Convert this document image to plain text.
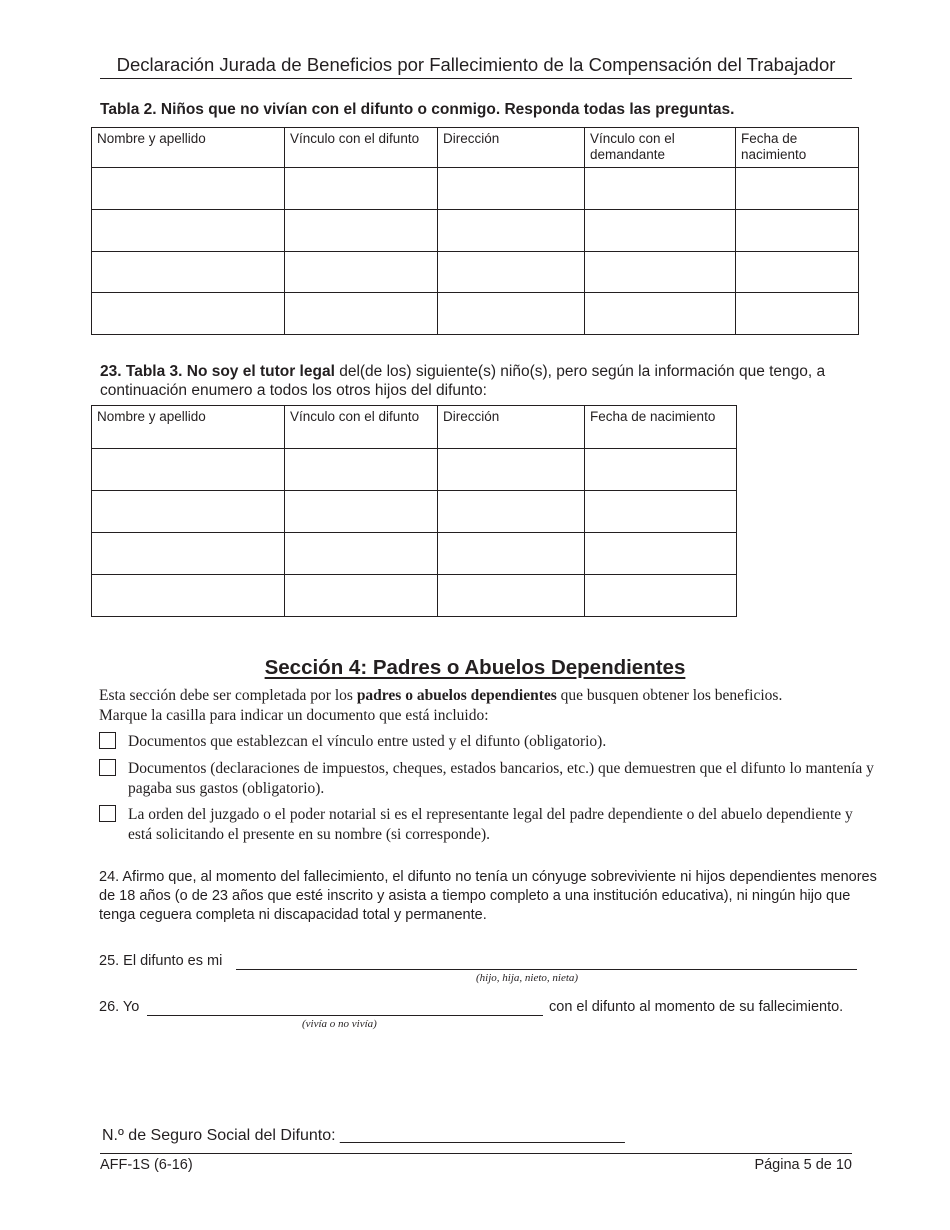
Declaración Jurada de Beneficios por Fallecimiento de la Compensación del Trabajador
Tabla 2. Niños que no vivían con el difunto o conmigo. Responda todas las preguntas.
Nombre y apellido	Vínculo con el difunto	Dirección	Vínculo con el demandante	Fecha de nacimiento

23. Tabla 3. No soy el tutor legal del(de los) siguiente(s) niño(s), pero según la información que tengo, a continuación enumero a todos los otros hijos del difunto:
Nombre y apellido	Vínculo con el difunto	Dirección	Fecha de nacimiento

Sección 4: Padres o Abuelos Dependientes
Esta sección debe ser completada por los padres o abuelos dependientes que busquen obtener los beneficios.
Marque la casilla para indicar un documento que está incluido:
Documentos que establezcan el vínculo entre usted y el difunto (obligatorio).
Documentos (declaraciones de impuestos, cheques, estados bancarios, etc.) que demuestren que el difunto lo mantenía y pagaba sus gastos (obligatorio).
La orden del juzgado o el poder notarial si es el representante legal del padre dependiente o del abuelo dependiente y está solicitando el presente en su nombre (si corresponde).
24. Afirmo que, al momento del fallecimiento, el difunto no tenía un cónyuge sobreviviente ni hijos dependientes menores de 18 años (o de 23 años que esté inscrito y asista a tiempo completo a una institución educativa), ni ningún hijo que tenga ceguera completa ni discapacidad total y permanente.
25. El difunto es mi
(hijo, hija, nieto, nieta)
26. Yo	con el difunto al momento de su fallecimiento.
(vivía o no vivía)
N.º de Seguro Social del Difunto: ________________________________
AFF-1S (6-16)	Página 5 de 10
